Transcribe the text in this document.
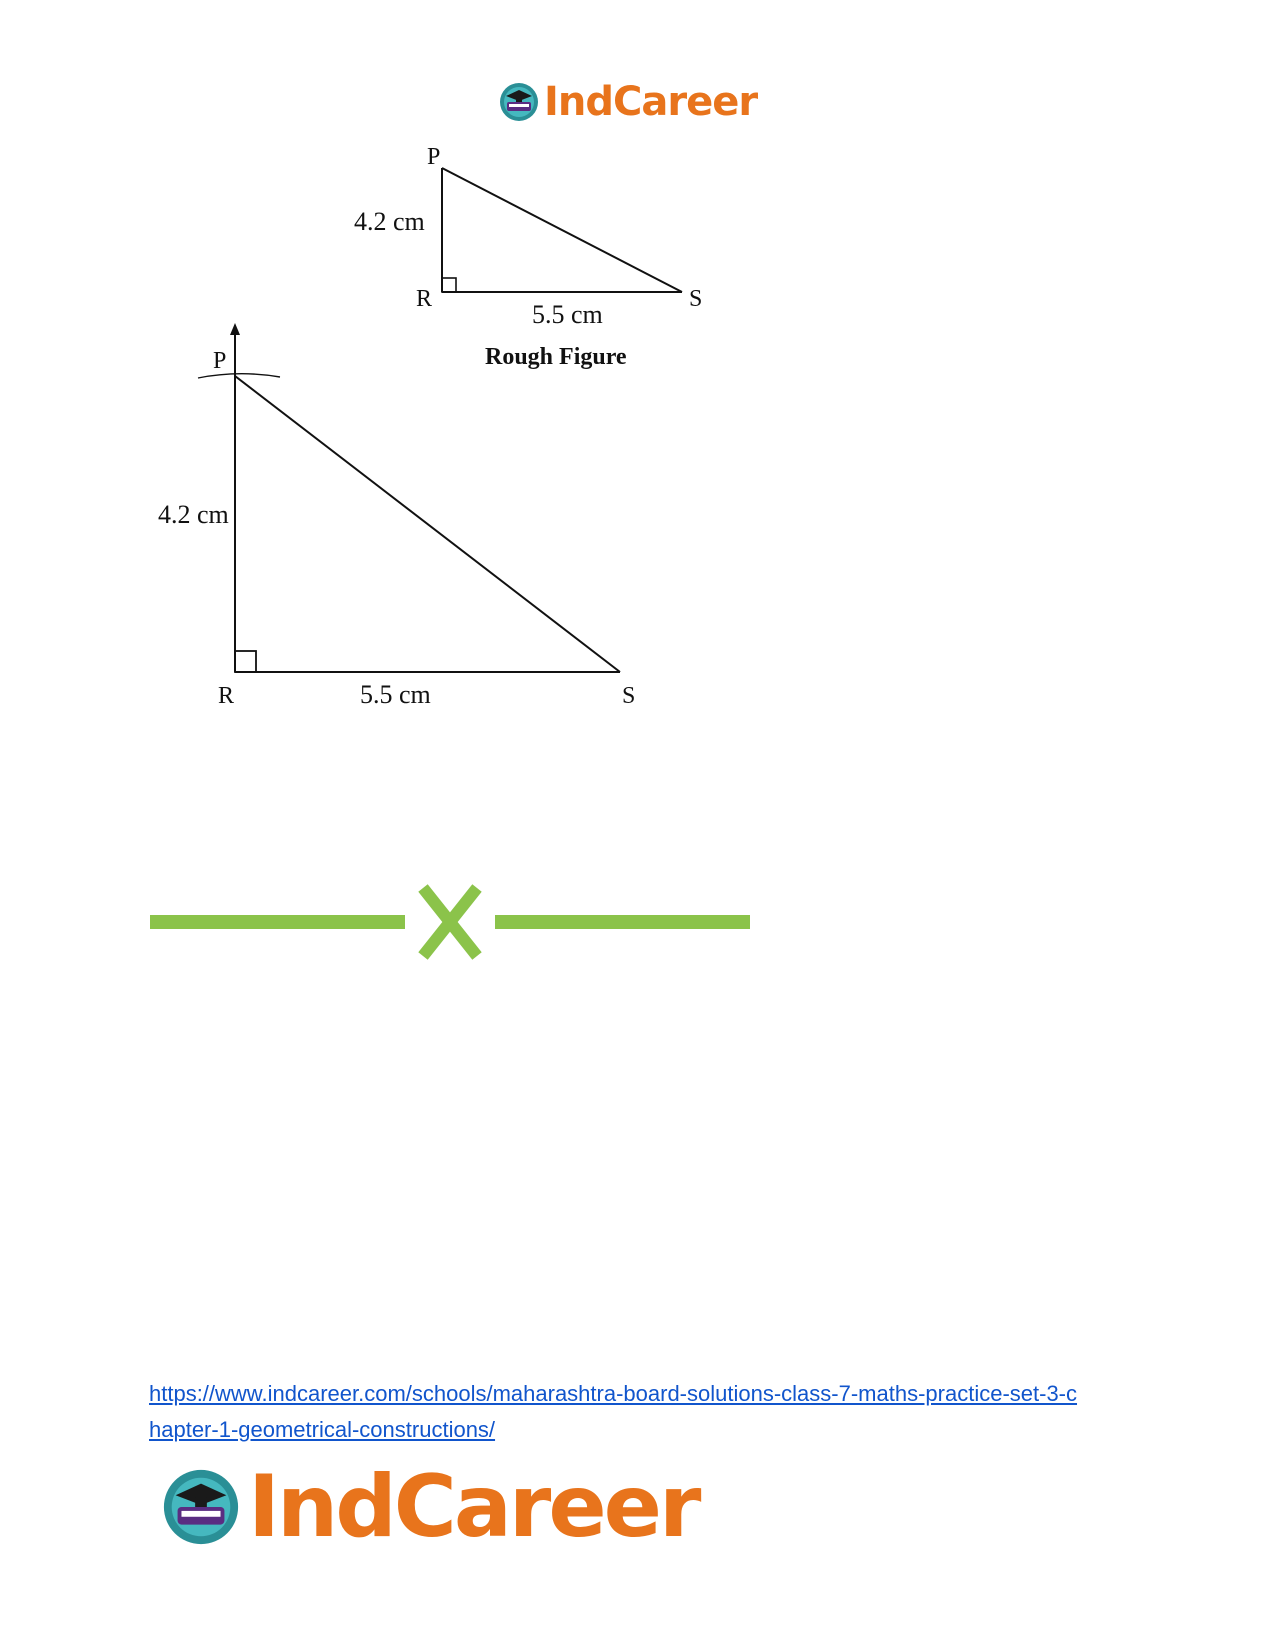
IndCareer
P
R	S
4.2 cm
5.5 cm
Rough Figure
P
R	S
4.2 cm
5.5 cm
https://www.indcareer.com/schools/maharashtra-board-solutions-class-7-maths-practice-set-3-c
hapter-1-geometrical-constructions/
IndCareer
